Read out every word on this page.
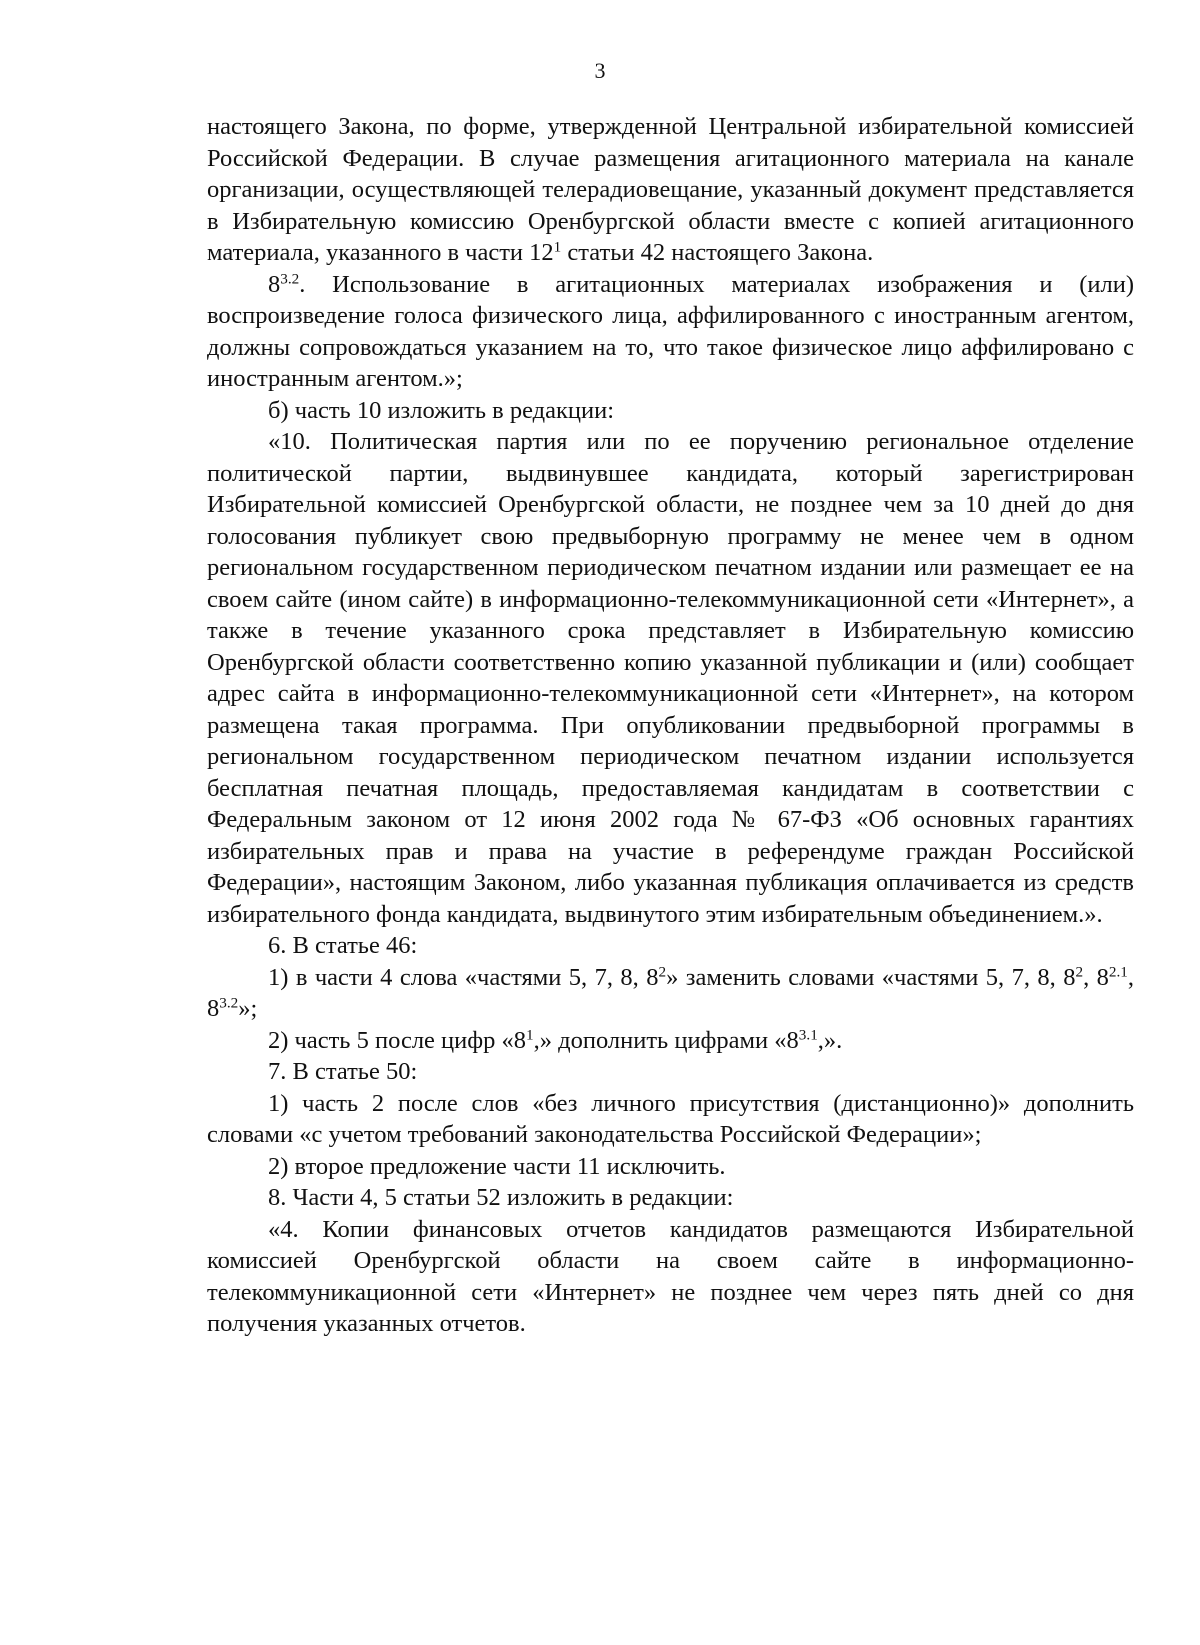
3

настоящего Закона, по форме, утвержденной Центральной избирательной комиссией Российской Федерации. В случае размещения агитационного материала на канале организации, осуществляющей телерадиовещание, указанный документ представляется в Избирательную комиссию Оренбургской области вместе с копией агитационного материала, указанного в части $12^1$ статьи 42 настоящего Закона.

$8^{3.2}$. Использование в агитационных материалах изображения и (или) воспроизведение голоса физического лица, аффилированного с иностранным агентом, должны сопровождаться указанием на то, что такое физическое лицо аффилировано с иностранным агентом.»;

б) часть 10 изложить в редакции:

«10. Политическая партия или по ее поручению региональное отделение политической партии, выдвинувшее кандидата, который зарегистрирован Избирательной комиссией Оренбургской области, не позднее чем за 10 дней до дня голосования публикует свою предвыборную программу не менее чем в одном региональном государственном периодическом печатном издании или размещает ее на своем сайте (ином сайте) в информационно-телекоммуникационной сети «Интернет», а также в течение указанного срока представляет в Избирательную комиссию Оренбургской области соответственно копию указанной публикации и (или) сообщает адрес сайта в информационно-телекоммуникационной сети «Интернет», на котором размещена такая программа. При опубликовании предвыборной программы в региональном государственном периодическом печатном издании используется бесплатная печатная площадь, предоставляемая кандидатам в соответствии с Федеральным законом от 12 июня 2002 года № 67-ФЗ «Об основных гарантиях избирательных прав и права на участие в референдуме граждан Российской Федерации», настоящим Законом, либо указанная публикация оплачивается из средств избирательного фонда кандидата, выдвинутого этим избирательным объединением.».

6. В статье 46:

1) в части 4 слова «частями 5, 7, 8, $8^2$» заменить словами «частями 5, 7, 8, $8^2$, $8^{2.1}$, $8^{3.2}$»;

2) часть 5 после цифр «$8^1$,» дополнить цифрами «$8^{3.1}$,».

7. В статье 50:

1) часть 2 после слов «без личного присутствия (дистанционно)» дополнить словами «с учетом требований законодательства Российской Федерации»;

2) второе предложение части 11 исключить.

8. Части 4, 5 статьи 52 изложить в редакции:

«4. Копии финансовых отчетов кандидатов размещаются Избирательной комиссией Оренбургской области на своем сайте в информационно-телекоммуникационной сети «Интернет» не позднее чем через пять дней со дня получения указанных отчетов.
